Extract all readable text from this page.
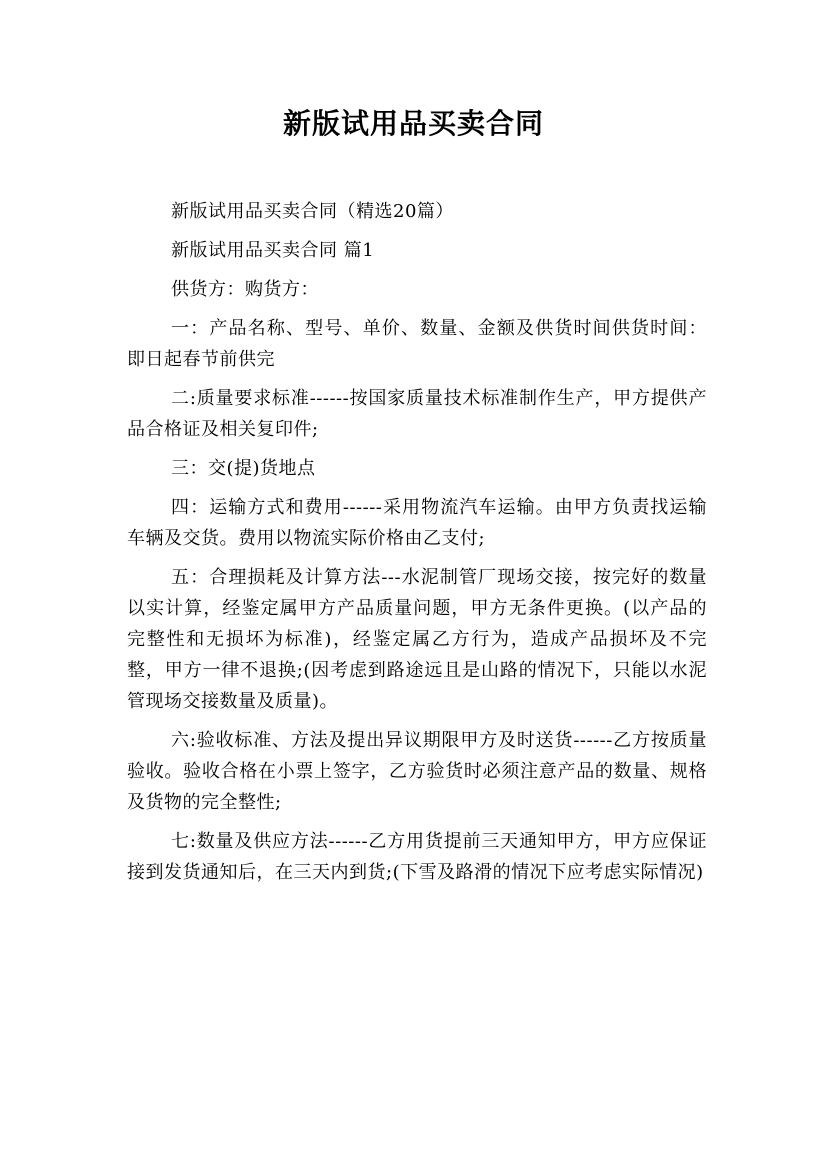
新版试用品买卖合同

新版试用品买卖合同（精选20篇）

新版试用品买卖合同 篇1

供货方：购货方：

一：产品名称、型号、单价、数量、金额及供货时间供货时间：即日起春节前供完

二:质量要求标准------按国家质量技术标准制作生产，甲方提供产品合格证及相关复印件;

三：交(提)货地点

四：运输方式和费用------采用物流汽车运输。由甲方负责找运输车辆及交货。费用以物流实际价格由乙支付;

五：合理损耗及计算方法---水泥制管厂现场交接，按完好的数量以实计算，经鉴定属甲方产品质量问题，甲方无条件更换。(以产品的完整性和无损坏为标准)，经鉴定属乙方行为，造成产品损坏及不完整，甲方一律不退换;(因考虑到路途远且是山路的情况下，只能以水泥管现场交接数量及质量)。

六:验收标准、方法及提出异议期限甲方及时送货------乙方按质量验收。验收合格在小票上签字，乙方验货时必须注意产品的数量、规格及货物的完全整性;

七:数量及供应方法------乙方用货提前三天通知甲方，甲方应保证接到发货通知后，在三天内到货;(下雪及路滑的情况下应考虑实际情况)
